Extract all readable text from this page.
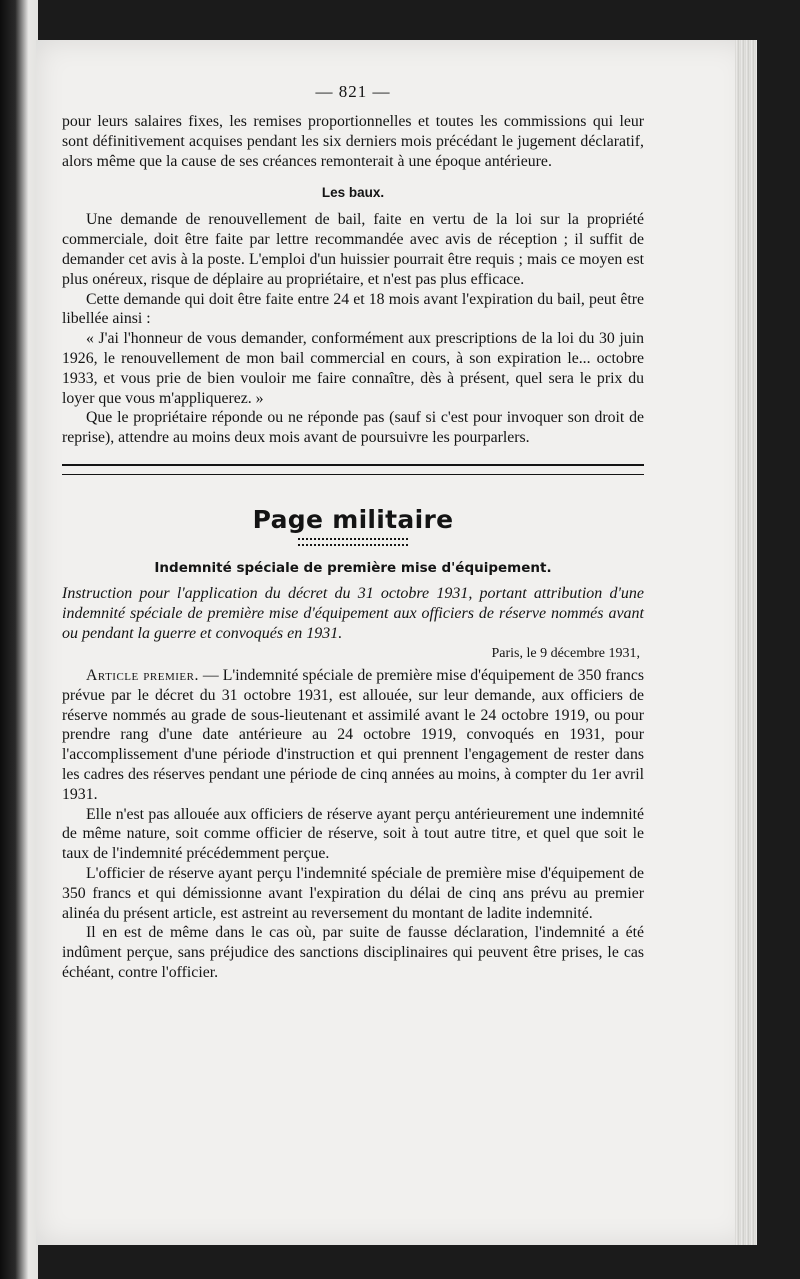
— 821 —

pour leurs salaires fixes, les remises proportionnelles et toutes les commissions qui leur sont définitivement acquises pendant les six derniers mois précédant le jugement déclaratif, alors même que la cause de ses créances remonterait à une époque antérieure.

Les baux.

Une demande de renouvellement de bail, faite en vertu de la loi sur la propriété commerciale, doit être faite par lettre recommandée avec avis de réception ; il suffit de demander cet avis à la poste. L'emploi d'un huissier pourrait être requis ; mais ce moyen est plus onéreux, risque de déplaire au propriétaire, et n'est pas plus efficace.

Cette demande qui doit être faite entre 24 et 18 mois avant l'expiration du bail, peut être libellée ainsi :

« J'ai l'honneur de vous demander, conformément aux prescriptions de la loi du 30 juin 1926, le renouvellement de mon bail commercial en cours, à son expiration le... octobre 1933, et vous prie de bien vouloir me faire connaître, dès à présent, quel sera le prix du loyer que vous m'appliquerez. »

Que le propriétaire réponde ou ne réponde pas (sauf si c'est pour invoquer son droit de reprise), attendre au moins deux mois avant de poursuivre les pourparlers.

Page militaire
Indemnité spéciale de première mise d'équipement.
Instruction pour l'application du décret du 31 octobre 1931, portant attribution d'une indemnité spéciale de première mise d'équipement aux officiers de réserve nommés avant ou pendant la guerre et convoqués en 1931.
Paris, le 9 décembre 1931,

Article premier. — L'indemnité spéciale de première mise d'équipement de 350 francs prévue par le décret du 31 octobre 1931, est allouée, sur leur demande, aux officiers de réserve nommés au grade de sous-lieutenant et assimilé avant le 24 octobre 1919, ou pour prendre rang d'une date antérieure au 24 octobre 1919, convoqués en 1931, pour l'accomplissement d'une période d'instruction et qui prennent l'engagement de rester dans les cadres des réserves pendant une période de cinq années au moins, à compter du 1er avril 1931.

Elle n'est pas allouée aux officiers de réserve ayant perçu antérieurement une indemnité de même nature, soit comme officier de réserve, soit à tout autre titre, et quel que soit le taux de l'indemnité précédemment perçue.

L'officier de réserve ayant perçu l'indemnité spéciale de première mise d'équipement de 350 francs et qui démissionne avant l'expiration du délai de cinq ans prévu au premier alinéa du présent article, est astreint au reversement du montant de ladite indemnité.

Il en est de même dans le cas où, par suite de fausse déclaration, l'indemnité a été indûment perçue, sans préjudice des sanctions disciplinaires qui peuvent être prises, le cas échéant, contre l'officier.
